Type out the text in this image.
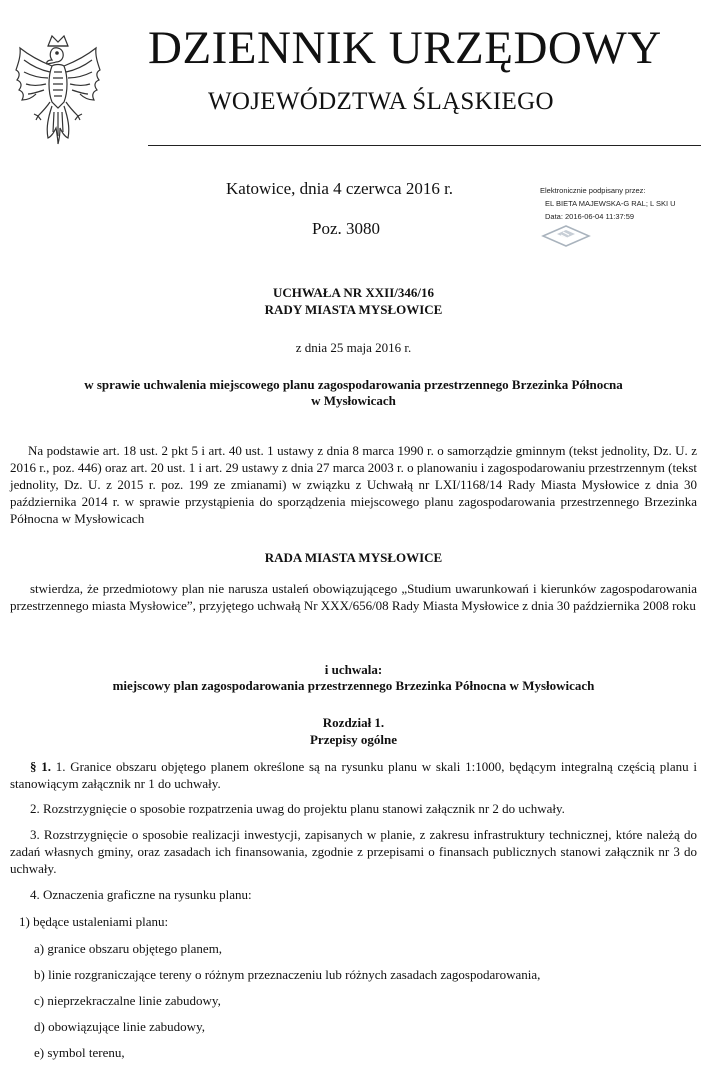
DZIENNIK URZĘDOWY
WOJEWÓDZTWA ŚLĄSKIEGO
Katowice, dnia 4 czerwca 2016 r.
Poz. 3080
Elektronicznie podpisany przez:
EL BIETA MAJEWSKA-G RAL; L SKI U
Data: 2016-06-04 11:37:59
UCHWAŁA NR XXII/346/16
RADY MIASTA MYSŁOWICE
z dnia 25 maja 2016 r.
w sprawie uchwalenia miejscowego planu zagospodarowania przestrzennego Brzezinka Północna
w Mysłowicach
Na podstawie art. 18 ust. 2 pkt 5 i art. 40 ust. 1 ustawy z dnia 8 marca 1990 r. o samorządzie gminnym (tekst jednolity, Dz. U. z 2016 r., poz. 446) oraz art. 20 ust. 1 i art. 29 ustawy z dnia 27 marca 2003 r. o planowaniu i zagospodarowaniu przestrzennym (tekst jednolity, Dz. U. z 2015 r. poz. 199 ze zmianami) w związku z Uchwałą nr LXI/1168/14 Rady Miasta Mysłowice z dnia 30 października 2014 r. w sprawie przystąpienia do sporządzenia miejscowego planu zagospodarowania przestrzennego Brzezinka Północna w Mysłowicach
RADA MIASTA MYSŁOWICE
stwierdza, że przedmiotowy plan nie narusza ustaleń obowiązującego „Studium uwarunkowań i kierunków zagospodarowania przestrzennego miasta Mysłowice”, przyjętego uchwałą Nr XXX/656/08 Rady Miasta Mysłowice z dnia 30 października 2008 roku
i uchwala:
miejscowy plan zagospodarowania przestrzennego Brzezinka Północna w Mysłowicach
Rozdział 1.
Przepisy ogólne
§ 1. 1. Granice obszaru objętego planem określone są na rysunku planu w skali 1:1000, będącym integralną częścią planu i stanowiącym załącznik nr 1 do uchwały.
2. Rozstrzygnięcie o sposobie rozpatrzenia uwag do projektu planu stanowi załącznik nr 2 do uchwały.
3. Rozstrzygnięcie o sposobie realizacji inwestycji, zapisanych w planie, z zakresu infrastruktury technicznej, które należą do zadań własnych gminy, oraz zasadach ich finansowania, zgodnie z przepisami o finansach publicznych stanowi załącznik nr 3 do uchwały.
4. Oznaczenia graficzne na rysunku planu:
1) będące ustaleniami planu:
a) granice obszaru objętego planem,
b) linie rozgraniczające tereny o różnym przeznaczeniu lub różnych zasadach zagospodarowania,
c) nieprzekraczalne linie zabudowy,
d) obowiązujące linie zabudowy,
e) symbol terenu,
